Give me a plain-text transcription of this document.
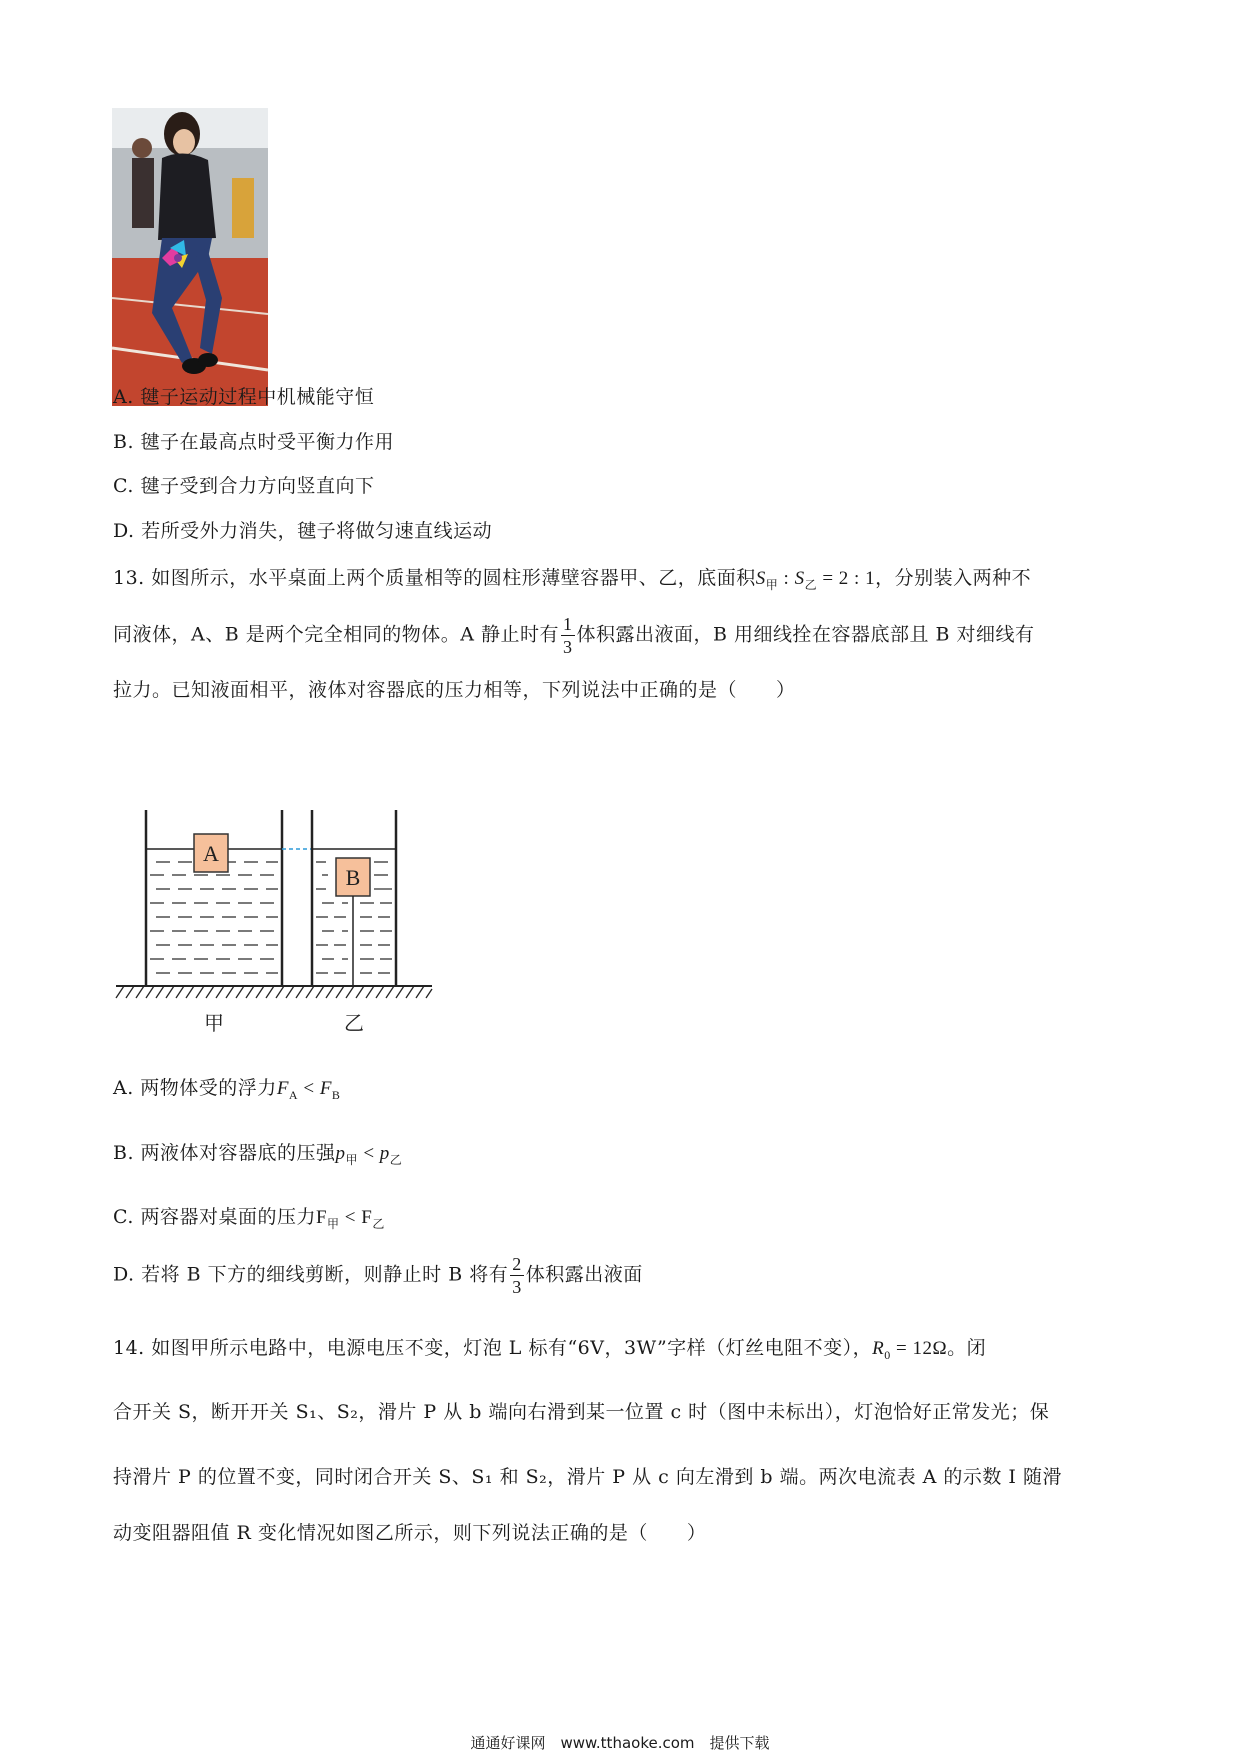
A. 毽子运动过程中机械能守恒
B. 毽子在最高点时受平衡力作用
C. 毽子受到合力方向竖直向下
D. 若所受外力消失，毽子将做匀速直线运动
13. 如图所示，水平桌面上两个质量相等的圆柱形薄壁容器甲、乙，底面积$S_甲$ : $S_乙 = 2$ : 1，分别装入两种不
同液体，A、B 是两个完全相同的物体。A 静止时有 $\frac{1}{3}$ 体积露出液面，B 用细线拴在容器底部且 B 对细线有
拉力。已知液面相平，液体对容器底的压力相等，下列说法中正确的是（　　）
A
B
甲	乙
A. 两物体受的浮力$F_A < F_B$
B. 两液体对容器底的压强$p_甲 < p_乙$
C. 两容器对桌面的压力$F_甲 < F_乙$
D. 若将 B 下方的细线剪断，则静止时 B 将有 $\frac{2}{3}$ 体积露出液面
14. 如图甲所示电路中，电源电压不变，灯泡 L 标有“6V，3W”字样（灯丝电阻不变），$R_0 = 12\Omega$。闭
合开关 S，断开开关 S₁、S₂，滑片 P 从 b 端向右滑到某一位置 c 时（图中未标出），灯泡恰好正常发光；保
持滑片 P 的位置不变，同时闭合开关 S、S₁ 和 S₂，滑片 P 从 c 向左滑到 b 端。两次电流表 A 的示数 I 随滑
动变阻器阻值 R 变化情况如图乙所示，则下列说法正确的是（　　）
通通好课网　www.tthaoke.com　提供下载
